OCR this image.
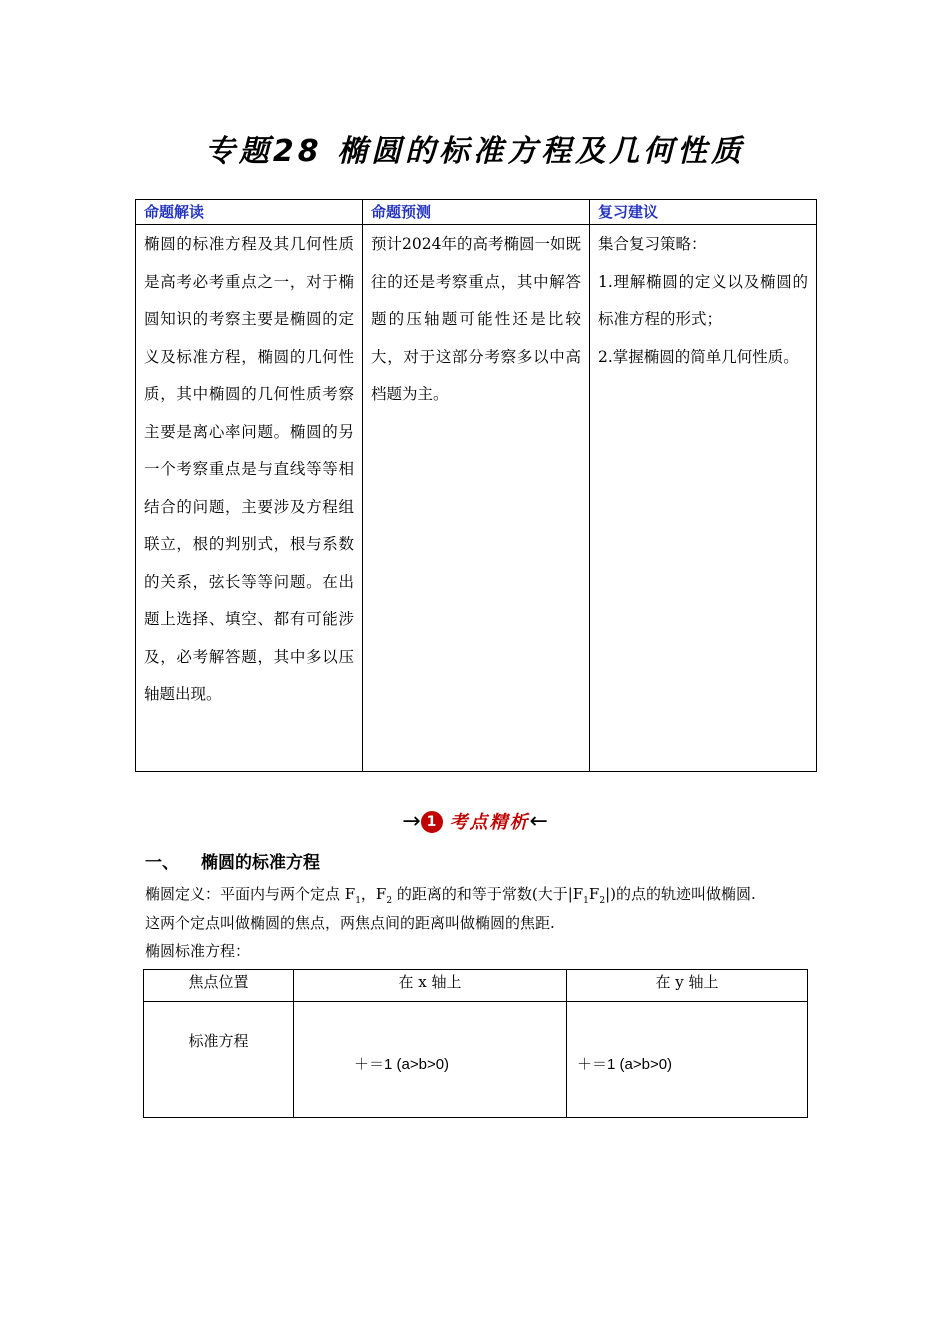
专题28 椭圆的标准方程及几何性质
命题解读	命题预测	复习建议
椭圆的标准方程及其几何性质是高考必考重点之一，对于椭圆知识的考察主要是椭圆的定义及标准方程，椭圆的几何性质，其中椭圆的几何性质考察主要是离心率问题。椭圆的另一个考察重点是与直线等等相结合的问题，主要涉及方程组联立，根的判别式，根与系数的关系，弦长等等问题。在出题上选择、填空、都有可能涉及，必考解答题，其中多以压轴题出现。	预计2024年的高考椭圆一如既往的还是考察重点，其中解答题的压轴题可能性还是比较大，对于这部分考察多以中高档题为主。	集合复习策略：

1.理解椭圆的定义以及椭圆的标准方程的形式；

2.掌握椭圆的简单几何性质。

→ 1 考点精析←
一、 椭圆的标准方程
椭圆定义：平面内与两个定点 $F_1$，$F_2$ 的距离的和等于常数(大于$|F_1F_2|$)的点的轨迹叫做椭圆.
这两个定点叫做椭圆的焦点，两焦点间的距离叫做椭圆的焦距.
椭圆标准方程：
焦点位置	在 x 轴上	在 y 轴上
标准方程	＋＝1 (a>b>0)	＋＝1 (a>b>0)
